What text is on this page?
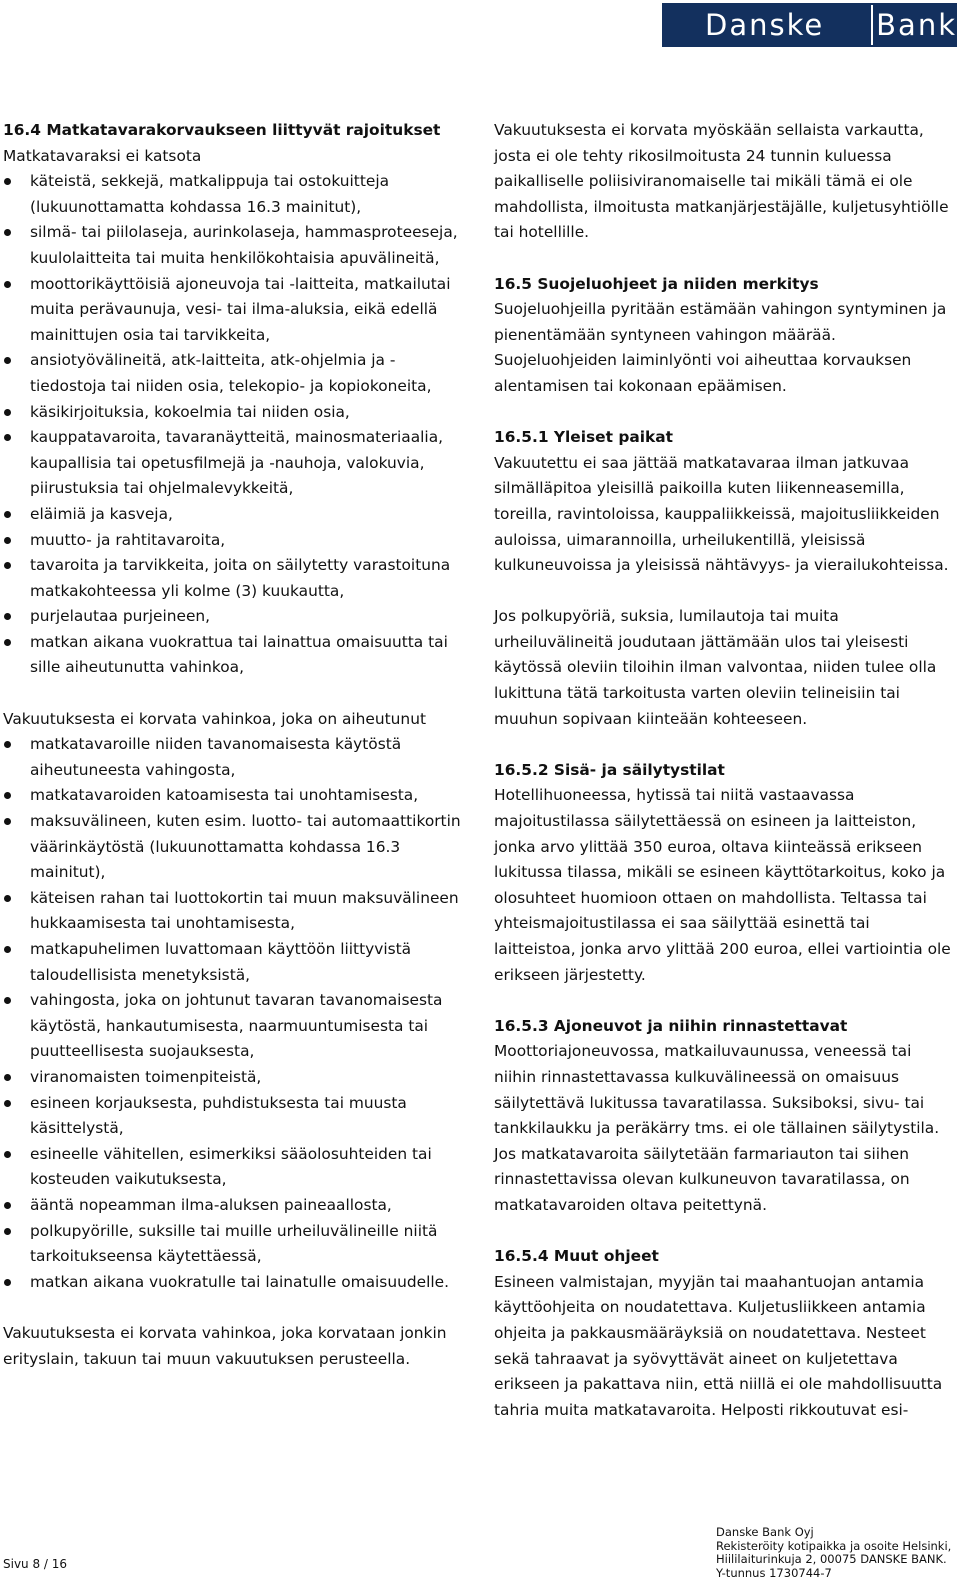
Danske	Bank
16.4 Matkatavarakorvaukseen liittyvät rajoitukset
Matkatavaraksi ei katsota
käteistä, sekkejä, matkalippuja tai ostokuitteja (lukuunottamatta kohdassa 16.3 mainitut),
silmä- tai piilolaseja, aurinkolaseja, hammasproteeseja, kuulolaitteita tai muita henkilökohtaisia apuvälineitä,
moottorikäyttöisiä ajoneuvoja tai -laitteita, matkailutai muita perävaunuja, vesi- tai ilma-aluksia, eikä edellä mainittujen osia tai tarvikkeita,
ansiotyövälineitä, atk-laitteita, atk-ohjelmia ja -tiedostoja tai niiden osia, telekopio- ja kopiokoneita,
käsikirjoituksia, kokoelmia tai niiden osia,
kauppatavaroita, tavaranäytteitä, mainosmateriaalia, kaupallisia tai opetusfilmejä ja -nauhoja, valokuvia, piirustuksia tai ohjelmalevykkeitä,
eläimiä ja kasveja,
muutto- ja rahtitavaroita,
tavaroita ja tarvikkeita, joita on säilytetty varastoituna matkakohteessa yli kolme (3) kuukautta,
purjelautaa purjeineen,
matkan aikana vuokrattua tai lainattua omaisuutta tai sille aiheutunutta vahinkoa,
Vakuutuksesta ei korvata vahinkoa, joka on aiheutunut
matkatavaroille niiden tavanomaisesta käytöstä aiheutuneesta vahingosta,
matkatavaroiden katoamisesta tai unohtamisesta,
maksuvälineen, kuten esim. luotto- tai automaattikortin väärinkäytöstä (lukuunottamatta kohdassa 16.3 mainitut),
käteisen rahan tai luottokortin tai muun maksuvälineen hukkaamisesta tai unohtamisesta,
matkapuhelimen luvattomaan käyttöön liittyvistä taloudellisista menetyksistä,
vahingosta, joka on johtunut tavaran tavanomaisesta käytöstä, hankautumisesta, naarmuuntumisesta tai puutteellisesta suojauksesta,
viranomaisten toimenpiteistä,
esineen korjauksesta, puhdistuksesta tai muusta käsittelystä,
esineelle vähitellen, esimerkiksi sääolosuhteiden tai kosteuden vaikutuksesta,
ääntä nopeamman ilma-aluksen paineaallosta,
polkupyörille, suksille tai muille urheiluvälineille niitä tarkoitukseensa käytettäessä,
matkan aikana vuokratulle tai lainatulle omaisuudelle.
Vakuutuksesta ei korvata vahinkoa, joka korvataan jonkin erityslain, takuun tai muun vakuutuksen perusteella.
Vakuutuksesta ei korvata myöskään sellaista varkautta, josta ei ole tehty rikosilmoitusta 24 tunnin kuluessa paikalliselle poliisiviranomaiselle tai mikäli tämä ei ole mahdollista, ilmoitusta matkanjärjestäjälle, kuljetusyhtiölle tai hotellille.
16.5 Suojeluohjeet ja niiden merkitys
Suojeluohjeilla pyritään estämään vahingon syntyminen ja pienentämään syntyneen vahingon määrää. Suojeluohjeiden laiminlyönti voi aiheuttaa korvauksen alentamisen tai kokonaan epäämisen.
16.5.1 Yleiset paikat
Vakuutettu ei saa jättää matkatavaraa ilman jatkuvaa silmälläpitoa yleisillä paikoilla kuten liikenneasemilla, toreilla, ravintoloissa, kauppaliikkeissä, majoitusliikkeiden auloissa, uimarannoilla, urheilukentillä, yleisissä kulkuneuvoissa ja yleisissä nähtävyys- ja vierailukohteissa.
Jos polkupyöriä, suksia, lumilautoja tai muita urheiluvälineitä joudutaan jättämään ulos tai yleisesti käytössä oleviin tiloihin ilman valvontaa, niiden tulee olla lukittuna tätä tarkoitusta varten oleviin telineisiin tai muuhun sopivaan kiinteään kohteeseen.
16.5.2 Sisä- ja säilytystilat
Hotellihuoneessa, hytissä tai niitä vastaavassa majoitustilassa säilytettäessä on esineen ja laitteiston, jonka arvo ylittää 350 euroa, oltava kiinteässä erikseen lukitussa tilassa, mikäli se esineen käyttötarkoitus, koko ja olosuhteet huomioon ottaen on mahdollista. Teltassa tai yhteismajoitustilassa ei saa säilyttää esinettä tai laitteistoa, jonka arvo ylittää 200 euroa, ellei vartiointia ole erikseen järjestetty.
16.5.3 Ajoneuvot ja niihin rinnastettavat
Moottoriajoneuvossa, matkailuvaunussa, veneessä tai niihin rinnastettavassa kulkuvälineessä on omaisuus säilytettävä lukitussa tavaratilassa. Suksiboksi, sivu- tai tankkilaukku ja peräkärry tms. ei ole tällainen säilytystila. Jos matkatavaroita säilytetään farmariauton tai siihen rinnastettavissa olevan kulkuneuvon tavaratilassa, on matkatavaroiden oltava peitettynä.
16.5.4 Muut ohjeet
Esineen valmistajan, myyjän tai maahantuojan antamia käyttöohjeita on noudatettava. Kuljetusliikkeen antamia ohjeita ja pakkausmääräyksiä on noudatettava. Nesteet sekä tahraavat ja syövyttävät aineet on kuljetettava erikseen ja pakattava niin, että niillä ei ole mahdollisuutta tahria muita matkatavaroita. Helposti rikkoutuvat esi-
Sivu 8 / 16
Danske Bank Oyj
Rekisteröity kotipaikka ja osoite Helsinki,
Hiililaiturinkuja 2, 00075 DANSKE BANK.
Y-tunnus 1730744-7
